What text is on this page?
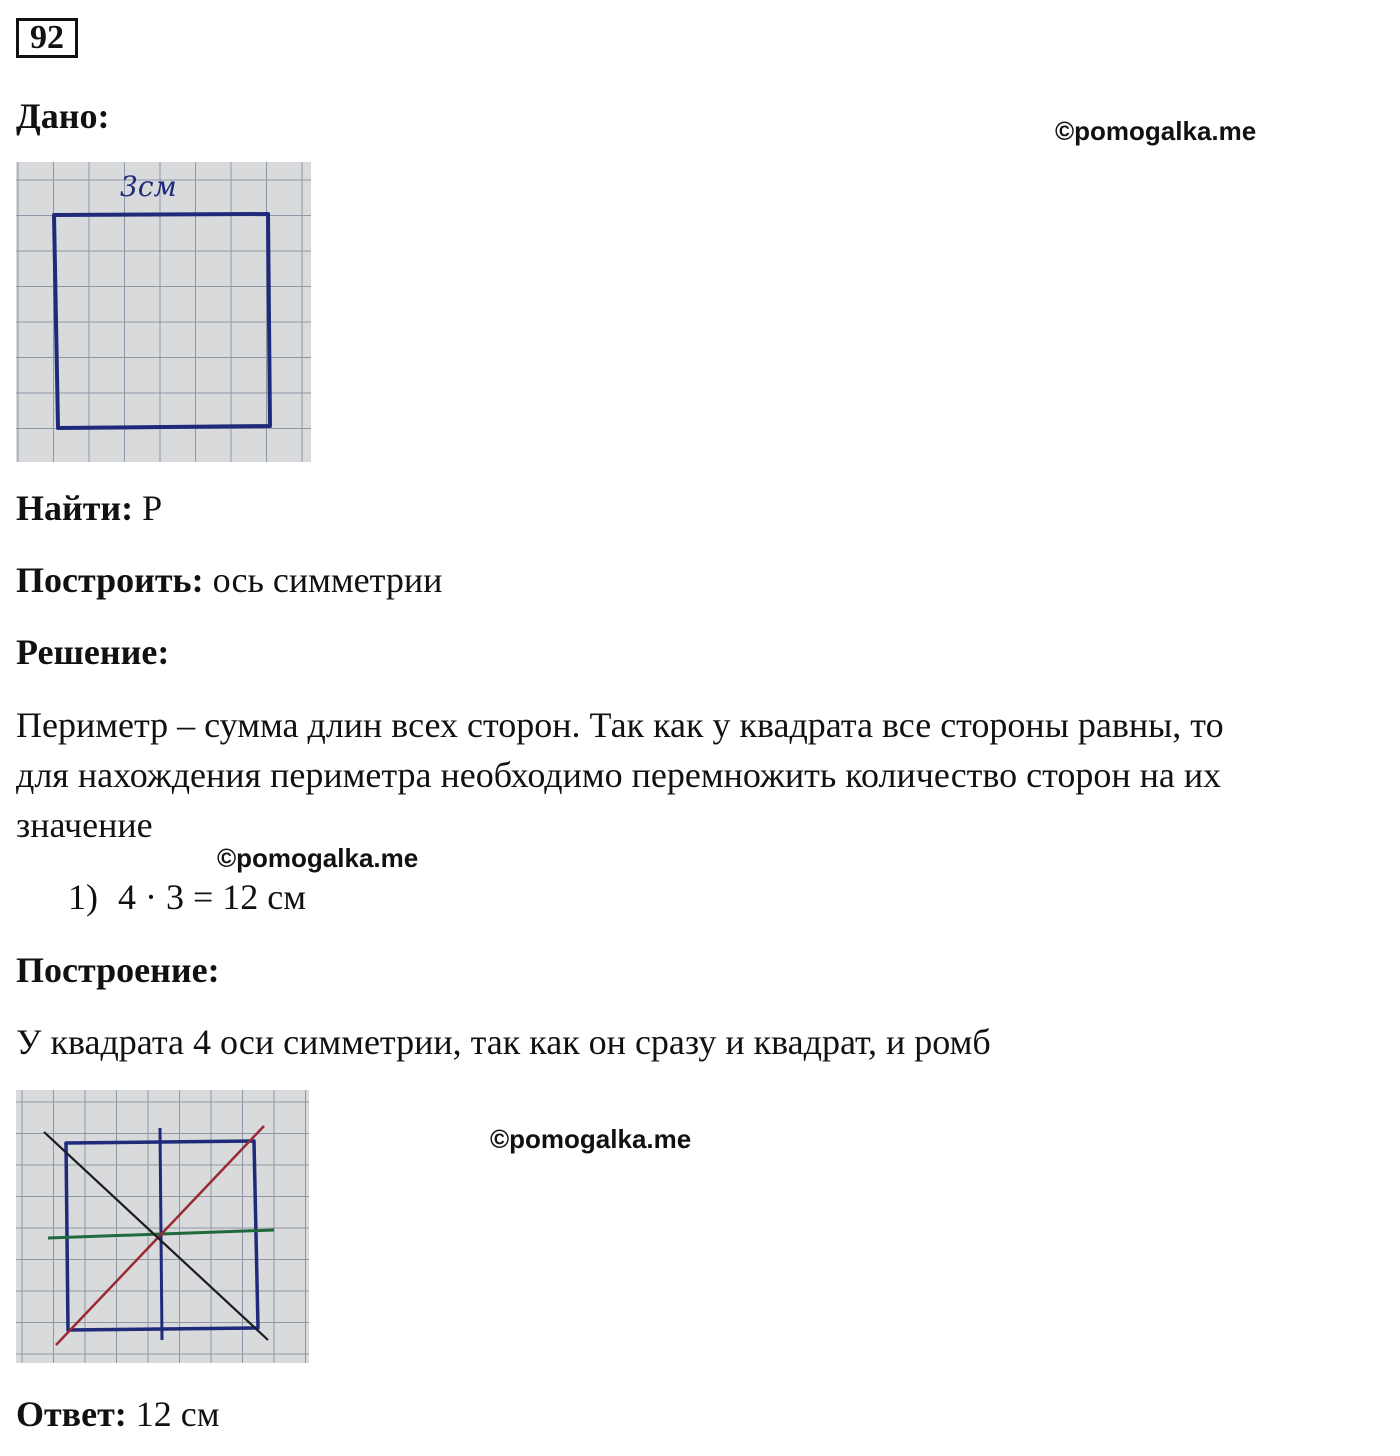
92
Дано:	©pomogalka.me
3см
Найти: P
Построить: ось симметрии
Решение:
Периметр – сумма длин всех сторон. Так как у квадрата все стороны равны, то
для нахождения периметра необходимо перемножить количество сторон на их
значение
©pomogalka.me
1) 4 · 3 = 12 см
Построение:
У квадрата 4 оси симметрии, так как он сразу и квадрат, и ромб
©pomogalka.me
Ответ: 12 см
